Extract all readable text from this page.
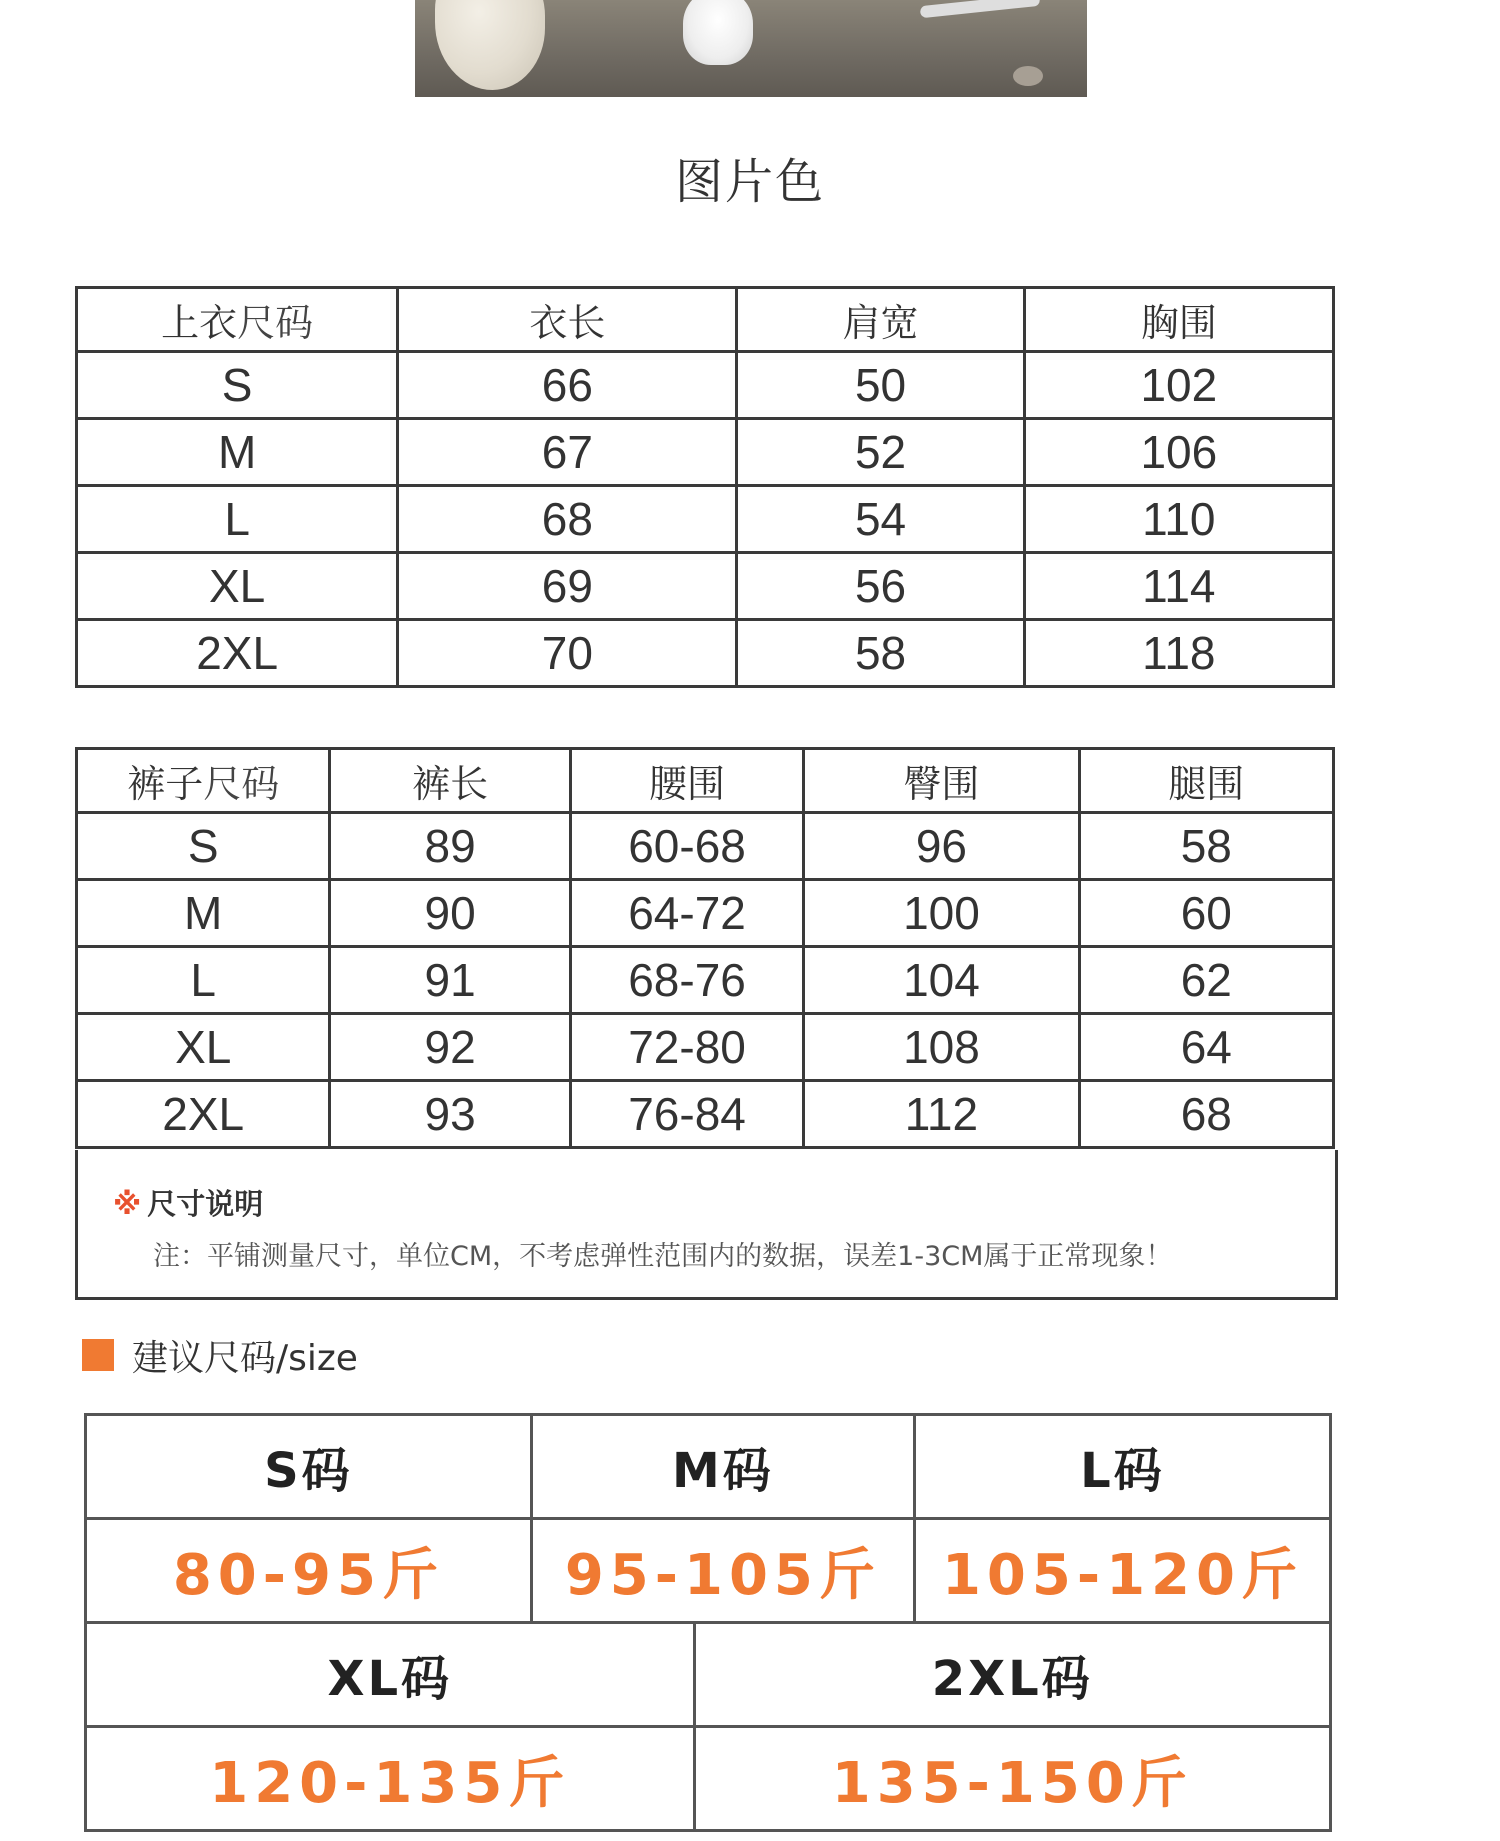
图片色
上衣尺码	衣长	肩宽	胸围
S	66	50	102
M	67	52	106
L	68	54	110
XL	69	56	114
2XL	70	58	118
裤子尺码	裤长	腰围	臀围	腿围
S	89	60-68	96	58
M	90	64-72	100	60
L	91	68-76	104	62
XL	92	72-80	108	64
2XL	93	76-84	112	68
※ 尺寸说明
注：平铺测量尺寸，单位CM，不考虑弹性范围内的数据，误差1-3CM属于正常现象！
建议尺码/size
S码	M码	L码
80-95斤	95-105斤	105-120斤
XL码	2XL码
120-135斤	135-150斤
